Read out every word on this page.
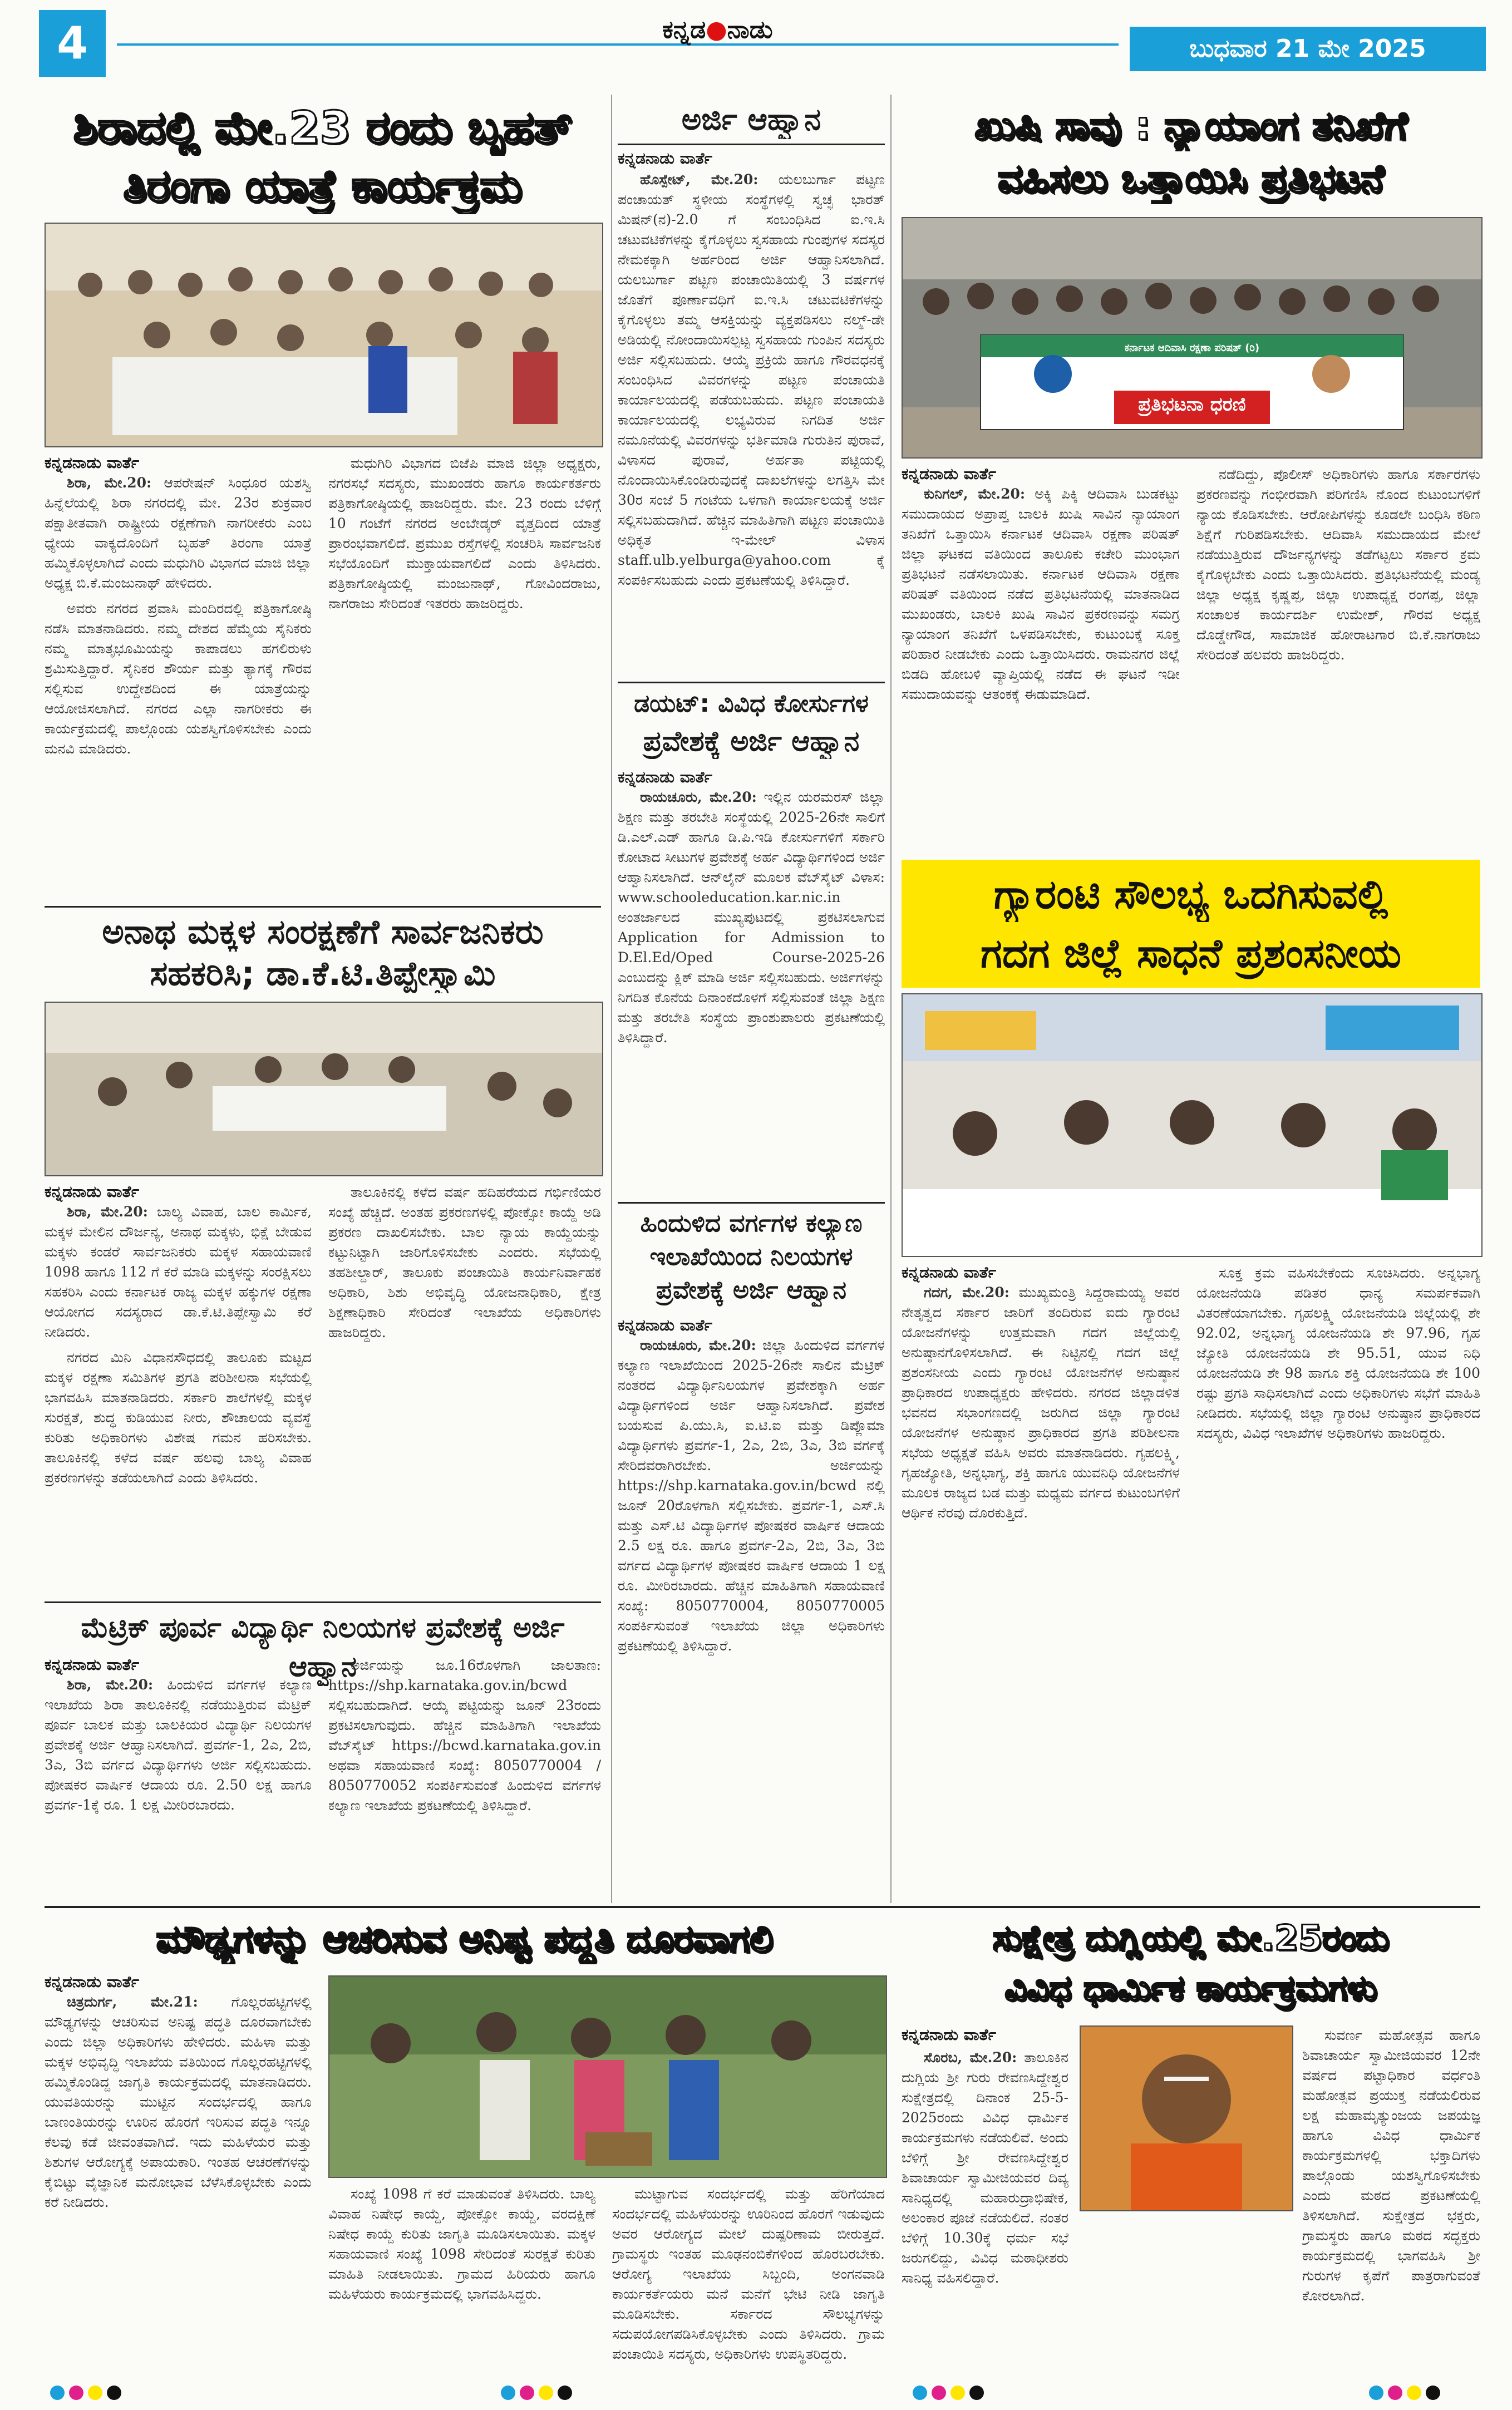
4	ಕನ್ನಡ●ನಾಡು
ಬುಧವಾರ 21 ಮೇ 2025
ಶಿರಾದಲ್ಲಿ ಮೇ.23 ರಂದು ಬೃಹತ್
ತಿರಂಗಾ ಯಾತ್ರೆ ಕಾರ್ಯಕ್ರಮ
ಕನ್ನಡನಾಡು ವಾರ್ತೆ

ಶಿರಾ, ಮೇ.20: ಆಪರೇಷನ್ ಸಿಂಧೂರ ಯಶಸ್ವಿ ಹಿನ್ನೆಲೆಯಲ್ಲಿ ಶಿರಾ ನಗರದಲ್ಲಿ ಮೇ. 23ರ ಶುಕ್ರವಾರ ಪಕ್ಷಾತೀತವಾಗಿ ರಾಷ್ಟ್ರೀಯ ರಕ್ಷಣೆಗಾಗಿ ನಾಗರೀಕರು ಎಂಬ ಧ್ಯೇಯ ವಾಕ್ಯದೊಂದಿಗೆ ಬೃಹತ್ ತಿರಂಗಾ ಯಾತ್ರೆ ಹಮ್ಮಿಕೊಳ್ಳಲಾಗಿದೆ ಎಂದು ಮಧುಗಿರಿ ವಿಭಾಗದ ಮಾಜಿ ಜಿಲ್ಲಾ ಅಧ್ಯಕ್ಷ ಬಿ.ಕೆ.ಮಂಜುನಾಥ್ ಹೇಳಿದರು.

ಅವರು ನಗರದ ಪ್ರವಾಸಿ ಮಂದಿರದಲ್ಲಿ ಪತ್ರಿಕಾಗೋಷ್ಠಿ ನಡೆಸಿ ಮಾತನಾಡಿದರು. ನಮ್ಮ ದೇಶದ ಹೆಮ್ಮೆಯ ಸೈನಿಕರು ನಮ್ಮ ಮಾತೃಭೂಮಿಯನ್ನು ಕಾಪಾಡಲು ಹಗಲಿರುಳು ಶ್ರಮಿಸುತ್ತಿದ್ದಾರೆ. ಸೈನಿಕರ ಶೌರ್ಯ ಮತ್ತು ತ್ಯಾಗಕ್ಕೆ ಗೌರವ ಸಲ್ಲಿಸುವ ಉದ್ದೇಶದಿಂದ ಈ ಯಾತ್ರೆಯನ್ನು ಆಯೋಜಿಸಲಾಗಿದೆ. ನಗರದ ಎಲ್ಲಾ ನಾಗರೀಕರು ಈ ಕಾರ್ಯಕ್ರಮದಲ್ಲಿ ಪಾಲ್ಗೊಂಡು ಯಶಸ್ವಿಗೊಳಿಸಬೇಕು ಎಂದು ಮನವಿ ಮಾಡಿದರು.

ಮಧುಗಿರಿ ವಿಭಾಗದ ಬಿಜೆಪಿ ಮಾಜಿ ಜಿಲ್ಲಾ ಅಧ್ಯಕ್ಷರು, ನಗರಸಭೆ ಸದಸ್ಯರು, ಮುಖಂಡರು ಹಾಗೂ ಕಾರ್ಯಕರ್ತರು ಪತ್ರಿಕಾಗೋಷ್ಠಿಯಲ್ಲಿ ಹಾಜರಿದ್ದರು. ಮೇ. 23 ರಂದು ಬೆಳಿಗ್ಗೆ 10 ಗಂಟೆಗೆ ನಗರದ ಅಂಬೇಡ್ಕರ್ ವೃತ್ತದಿಂದ ಯಾತ್ರೆ ಪ್ರಾರಂಭವಾಗಲಿದೆ. ಪ್ರಮುಖ ರಸ್ತೆಗಳಲ್ಲಿ ಸಂಚರಿಸಿ ಸಾರ್ವಜನಿಕ ಸಭೆಯೊಂದಿಗೆ ಮುಕ್ತಾಯವಾಗಲಿದೆ ಎಂದು ತಿಳಿಸಿದರು. ಪತ್ರಿಕಾಗೋಷ್ಠಿಯಲ್ಲಿ ಮಂಜುನಾಥ್, ಗೋವಿಂದರಾಜು, ನಾಗರಾಜು ಸೇರಿದಂತೆ ಇತರರು ಹಾಜರಿದ್ದರು.

ಅನಾಥ ಮಕ್ಕಳ ಸಂರಕ್ಷಣೆಗೆ ಸಾರ್ವಜನಿಕರು
ಸಹಕರಿಸಿ; ಡಾ.ಕೆ.ಟಿ.ತಿಪ್ಪೇಸ್ವಾಮಿ
ಕನ್ನಡನಾಡು ವಾರ್ತೆ

ಶಿರಾ, ಮೇ.20: ಬಾಲ್ಯ ವಿವಾಹ, ಬಾಲ ಕಾರ್ಮಿಕ, ಮಕ್ಕಳ ಮೇಲಿನ ದೌರ್ಜನ್ಯ, ಅನಾಥ ಮಕ್ಕಳು, ಭಿಕ್ಷೆ ಬೇಡುವ ಮಕ್ಕಳು ಕಂಡರೆ ಸಾರ್ವಜನಿಕರು ಮಕ್ಕಳ ಸಹಾಯವಾಣಿ 1098 ಹಾಗೂ 112 ಗೆ ಕರೆ ಮಾಡಿ ಮಕ್ಕಳನ್ನು ಸಂರಕ್ಷಿಸಲು ಸಹಕರಿಸಿ ಎಂದು ಕರ್ನಾಟಕ ರಾಜ್ಯ ಮಕ್ಕಳ ಹಕ್ಕುಗಳ ರಕ್ಷಣಾ ಆಯೋಗದ ಸದಸ್ಯರಾದ ಡಾ.ಕೆ.ಟಿ.ತಿಪ್ಪೇಸ್ವಾಮಿ ಕರೆ ನೀಡಿದರು.

ನಗರದ ಮಿನಿ ವಿಧಾನಸೌಧದಲ್ಲಿ ತಾಲೂಕು ಮಟ್ಟದ ಮಕ್ಕಳ ರಕ್ಷಣಾ ಸಮಿತಿಗಳ ಪ್ರಗತಿ ಪರಿಶೀಲನಾ ಸಭೆಯಲ್ಲಿ ಭಾಗವಹಿಸಿ ಮಾತನಾಡಿದರು. ಸರ್ಕಾರಿ ಶಾಲೆಗಳಲ್ಲಿ ಮಕ್ಕಳ ಸುರಕ್ಷತೆ, ಶುದ್ಧ ಕುಡಿಯುವ ನೀರು, ಶೌಚಾಲಯ ವ್ಯವಸ್ಥೆ ಕುರಿತು ಅಧಿಕಾರಿಗಳು ವಿಶೇಷ ಗಮನ ಹರಿಸಬೇಕು. ತಾಲೂಕಿನಲ್ಲಿ ಕಳೆದ ವರ್ಷ ಹಲವು ಬಾಲ್ಯ ವಿವಾಹ ಪ್ರಕರಣಗಳನ್ನು ತಡೆಯಲಾಗಿದೆ ಎಂದು ತಿಳಿಸಿದರು.

ತಾಲೂಕಿನಲ್ಲಿ ಕಳೆದ ವರ್ಷ ಹದಿಹರೆಯದ ಗರ್ಭಿಣಿಯರ ಸಂಖ್ಯೆ ಹೆಚ್ಚಿದೆ. ಅಂತಹ ಪ್ರಕರಣಗಳಲ್ಲಿ ಪೋಕ್ಸೋ ಕಾಯ್ದೆ ಅಡಿ ಪ್ರಕರಣ ದಾಖಲಿಸಬೇಕು. ಬಾಲ ನ್ಯಾಯ ಕಾಯ್ದೆಯನ್ನು ಕಟ್ಟುನಿಟ್ಟಾಗಿ ಜಾರಿಗೊಳಿಸಬೇಕು ಎಂದರು. ಸಭೆಯಲ್ಲಿ ತಹಶೀಲ್ದಾರ್, ತಾಲೂಕು ಪಂಚಾಯಿತಿ ಕಾರ್ಯನಿರ್ವಾಹಕ ಅಧಿಕಾರಿ, ಶಿಶು ಅಭಿವೃದ್ಧಿ ಯೋಜನಾಧಿಕಾರಿ, ಕ್ಷೇತ್ರ ಶಿಕ್ಷಣಾಧಿಕಾರಿ ಸೇರಿದಂತೆ ಇಲಾಖೆಯ ಅಧಿಕಾರಿಗಳು ಹಾಜರಿದ್ದರು.

ಮೆಟ್ರಿಕ್ ಪೂರ್ವ ವಿದ್ಯಾರ್ಥಿ ನಿಲಯಗಳ ಪ್ರವೇಶಕ್ಕೆ ಅರ್ಜಿ ಆಹ್ವಾನ
ಕನ್ನಡನಾಡು ವಾರ್ತೆ

ಶಿರಾ, ಮೇ.20: ಹಿಂದುಳಿದ ವರ್ಗಗಳ ಕಲ್ಯಾಣ ಇಲಾಖೆಯ ಶಿರಾ ತಾಲೂಕಿನಲ್ಲಿ ನಡೆಯುತ್ತಿರುವ ಮೆಟ್ರಿಕ್ ಪೂರ್ವ ಬಾಲಕ ಮತ್ತು ಬಾಲಕಿಯರ ವಿದ್ಯಾರ್ಥಿ ನಿಲಯಗಳ ಪ್ರವೇಶಕ್ಕೆ ಅರ್ಜಿ ಆಹ್ವಾನಿಸಲಾಗಿದೆ. ಪ್ರವರ್ಗ-1, 2ಎ, 2ಬಿ, 3ಎ, 3ಬಿ ವರ್ಗದ ವಿದ್ಯಾರ್ಥಿಗಳು ಅರ್ಜಿ ಸಲ್ಲಿಸಬಹುದು. ಪೋಷಕರ ವಾರ್ಷಿಕ ಆದಾಯ ರೂ. 2.50 ಲಕ್ಷ ಹಾಗೂ ಪ್ರವರ್ಗ-1ಕ್ಕೆ ರೂ. 1 ಲಕ್ಷ ಮೀರಿರಬಾರದು.

ಅರ್ಜಿಯನ್ನು ಜೂ.16ರೊಳಗಾಗಿ ಜಾಲತಾಣ: https://shp.karnataka.gov.in/bcwd ಸಲ್ಲಿಸಬಹುದಾಗಿದೆ. ಆಯ್ಕೆ ಪಟ್ಟಿಯನ್ನು ಜೂನ್ 23ರಂದು ಪ್ರಕಟಿಸಲಾಗುವುದು. ಹೆಚ್ಚಿನ ಮಾಹಿತಿಗಾಗಿ ಇಲಾಖೆಯ ವೆಬ್‌ಸೈಟ್ https://bcwd.karnataka.gov.in ಅಥವಾ ಸಹಾಯವಾಣಿ ಸಂಖ್ಯೆ: 8050770004 / 8050770052 ಸಂಪರ್ಕಿಸುವಂತೆ ಹಿಂದುಳಿದ ವರ್ಗಗಳ ಕಲ್ಯಾಣ ಇಲಾಖೆಯ ಪ್ರಕಟಣೆಯಲ್ಲಿ ತಿಳಿಸಿದ್ದಾರೆ.

ಅರ್ಜಿ ಆಹ್ವಾನ
ಕನ್ನಡನಾಡು ವಾರ್ತೆ

ಹೊಸ್ಪೇಟ್, ಮೇ.20: ಯಲಬುರ್ಗಾ ಪಟ್ಟಣ ಪಂಚಾಯತ್ ಸ್ಥಳೀಯ ಸಂಸ್ಥೆಗಳಲ್ಲಿ ಸ್ವಚ್ಛ ಭಾರತ್ ಮಿಷನ್(ನ)-2.0 ಗೆ ಸಂಬಂಧಿಸಿದ ಐ.ಇ.ಸಿ ಚಟುವಟಿಕೆಗಳನ್ನು ಕೈಗೊಳ್ಳಲು ಸ್ವಸಹಾಯ ಗುಂಪುಗಳ ಸದಸ್ಯರ ನೇಮಕಕ್ಕಾಗಿ ಅರ್ಹರಿಂದ ಅರ್ಜಿ ಆಹ್ವಾನಿಸಲಾಗಿದೆ. ಯಲಬುರ್ಗಾ ಪಟ್ಟಣ ಪಂಚಾಯಿತಿಯಲ್ಲಿ 3 ವರ್ಷಗಳ ಜೊತೆಗೆ ಪೂರ್ಣಾವಧಿಗೆ ಐ.ಇ.ಸಿ ಚಟುವಟಿಕೆಗಳನ್ನು ಕೈಗೊಳ್ಳಲು ತಮ್ಮ ಆಸಕ್ತಿಯನ್ನು ವ್ಯಕ್ತಪಡಿಸಲು ನಲ್ಮ್-ಡೇ ಅಡಿಯಲ್ಲಿ ನೋಂದಾಯಿಸಲ್ಪಟ್ಟ ಸ್ವಸಹಾಯ ಗುಂಪಿನ ಸದಸ್ಯರು ಅರ್ಜಿ ಸಲ್ಲಿಸಬಹುದು. ಆಯ್ಕೆ ಪ್ರಕ್ರಿಯೆ ಹಾಗೂ ಗೌರವಧನಕ್ಕೆ ಸಂಬಂಧಿಸಿದ ವಿವರಗಳನ್ನು ಪಟ್ಟಣ ಪಂಚಾಯತಿ ಕಾರ್ಯಾಲಯದಲ್ಲಿ ಪಡೆಯಬಹುದು. ಪಟ್ಟಣ ಪಂಚಾಯತಿ ಕಾರ್ಯಾಲಯದಲ್ಲಿ ಲಭ್ಯವಿರುವ ನಿಗದಿತ ಅರ್ಜಿ ನಮೂನೆಯಲ್ಲಿ ವಿವರಗಳನ್ನು ಭರ್ತಿಮಾಡಿ ಗುರುತಿನ ಪುರಾವೆ, ವಿಳಾಸದ ಪುರಾವೆ, ಅರ್ಹತಾ ಪಟ್ಟಿಯಲ್ಲಿ ನೊಂದಾಯಿಸಿಕೊಂಡಿರುವುದಕ್ಕೆ ದಾಖಲೆಗಳನ್ನು ಲಗತ್ತಿಸಿ ಮೇ 30ರ ಸಂಜೆ 5 ಗಂಟೆಯ ಒಳಗಾಗಿ ಕಾರ್ಯಾಲಯಕ್ಕೆ ಅರ್ಜಿ ಸಲ್ಲಿಸಬಹುದಾಗಿದೆ. ಹೆಚ್ಚಿನ ಮಾಹಿತಿಗಾಗಿ ಪಟ್ಟಣ ಪಂಚಾಯಿತಿ ಅಧಿಕೃತ ಇ-ಮೇಲ್ ವಿಳಾಸ staff.ulb.yelburga@yahoo.com ಕ್ಕೆ ಸಂಪರ್ಕಿಸಬಹುದು ಎಂದು ಪ್ರಕಟಣೆಯಲ್ಲಿ ತಿಳಿಸಿದ್ದಾರೆ.

ಡಯಟ್: ವಿವಿಧ ಕೋರ್ಸುಗಳ
ಪ್ರವೇಶಕ್ಕೆ ಅರ್ಜಿ ಆಹ್ವಾನ
ಕನ್ನಡನಾಡು ವಾರ್ತೆ

ರಾಯಚೂರು, ಮೇ.20: ಇಲ್ಲಿನ ಯರಮರಸ್ ಜಿಲ್ಲಾ ಶಿಕ್ಷಣ ಮತ್ತು ತರಬೇತಿ ಸಂಸ್ಥೆಯಲ್ಲಿ 2025-26ನೇ ಸಾಲಿಗೆ ಡಿ.ಎಲ್.ಎಡ್ ಹಾಗೂ ಡಿ.ಪಿ.ಇಡಿ ಕೋರ್ಸುಗಳಿಗೆ ಸರ್ಕಾರಿ ಕೋಟಾದ ಸೀಟುಗಳ ಪ್ರವೇಶಕ್ಕೆ ಅರ್ಹ ವಿದ್ಯಾರ್ಥಿಗಳಿಂದ ಅರ್ಜಿ ಆಹ್ವಾನಿಸಲಾಗಿದೆ. ಆನ್‌ಲೈನ್ ಮೂಲಕ ವೆಬ್‌ಸೈಟ್ ವಿಳಾಸ: www.schooleducation.kar.nic.in ಅಂತರ್ಜಾಲದ ಮುಖ್ಯಪುಟದಲ್ಲಿ ಪ್ರಕಟಿಸಲಾಗುವ Application for Admission to D.El.Ed/Oped Course-2025-26 ಎಂಬುದನ್ನು ಕ್ಲಿಕ್ ಮಾಡಿ ಅರ್ಜಿ ಸಲ್ಲಿಸಬಹುದು. ಅರ್ಜಿಗಳನ್ನು ನಿಗದಿತ ಕೊನೆಯ ದಿನಾಂಕದೊಳಗೆ ಸಲ್ಲಿಸುವಂತೆ ಜಿಲ್ಲಾ ಶಿಕ್ಷಣ ಮತ್ತು ತರಬೇತಿ ಸಂಸ್ಥೆಯ ಪ್ರಾಂಶುಪಾಲರು ಪ್ರಕಟಣೆಯಲ್ಲಿ ತಿಳಿಸಿದ್ದಾರೆ.

ಹಿಂದುಳಿದ ವರ್ಗಗಳ ಕಲ್ಯಾಣ
ಇಲಾಖೆಯಿಂದ ನಿಲಯಗಳ
ಪ್ರವೇಶಕ್ಕೆ ಅರ್ಜಿ ಆಹ್ವಾನ
ಕನ್ನಡನಾಡು ವಾರ್ತೆ

ರಾಯಚೂರು, ಮೇ.20: ಜಿಲ್ಲಾ ಹಿಂದುಳಿದ ವರ್ಗಗಳ ಕಲ್ಯಾಣ ಇಲಾಖೆಯಿಂದ 2025-26ನೇ ಸಾಲಿನ ಮೆಟ್ರಿಕ್ ನಂತರದ ವಿದ್ಯಾರ್ಥಿನಿಲಯಗಳ ಪ್ರವೇಶಕ್ಕಾಗಿ ಅರ್ಹ ವಿದ್ಯಾರ್ಥಿಗಳಿಂದ ಅರ್ಜಿ ಆಹ್ವಾನಿಸಲಾಗಿದೆ. ಪ್ರವೇಶ ಬಯಸುವ ಪಿ.ಯು.ಸಿ, ಐ.ಟಿ.ಐ ಮತ್ತು ಡಿಪ್ಲೊಮಾ ವಿದ್ಯಾರ್ಥಿಗಳು ಪ್ರವರ್ಗ-1, 2ಎ, 2ಬಿ, 3ಎ, 3ಬಿ ವರ್ಗಕ್ಕೆ ಸೇರಿದವರಾಗಿರಬೇಕು. ಅರ್ಜಿಯನ್ನು https://shp.karnataka.gov.in/bcwd ನಲ್ಲಿ ಜೂನ್ 20ರೊಳಗಾಗಿ ಸಲ್ಲಿಸಬೇಕು. ಪ್ರವರ್ಗ-1, ಎಸ್.ಸಿ ಮತ್ತು ಎಸ್.ಟಿ ವಿದ್ಯಾರ್ಥಿಗಳ ಪೋಷಕರ ವಾರ್ಷಿಕ ಆದಾಯ 2.5 ಲಕ್ಷ ರೂ. ಹಾಗೂ ಪ್ರವರ್ಗ-2ಎ, 2ಬಿ, 3ಎ, 3ಬಿ ವರ್ಗದ ವಿದ್ಯಾರ್ಥಿಗಳ ಪೋಷಕರ ವಾರ್ಷಿಕ ಆದಾಯ 1 ಲಕ್ಷ ರೂ. ಮೀರಿರಬಾರದು. ಹೆಚ್ಚಿನ ಮಾಹಿತಿಗಾಗಿ ಸಹಾಯವಾಣಿ ಸಂಖ್ಯೆ: 8050770004, 8050770005 ಸಂಪರ್ಕಿಸುವಂತೆ ಇಲಾಖೆಯ ಜಿಲ್ಲಾ ಅಧಿಕಾರಿಗಳು ಪ್ರಕಟಣೆಯಲ್ಲಿ ತಿಳಿಸಿದ್ದಾರೆ.

ಖುಷಿ ಸಾವು : ನ್ಯಾಯಾಂಗ ತನಿಖೆಗೆ
ವಹಿಸಲು ಒತ್ತಾಯಿಸಿ ಪ್ರತಿಭಟನೆ
ಕರ್ನಾಟಕ ಆದಿವಾಸಿ ರಕ್ಷಣಾ ಪರಿಷತ್ (ರಿ)
ಪ್ರತಿಭಟನಾ ಧರಣಿ
ಕನ್ನಡನಾಡು ವಾರ್ತೆ

ಕುನಿಗಲ್, ಮೇ.20: ಅಕ್ಕಿ ಪಿಕ್ಕಿ ಆದಿವಾಸಿ ಬುಡಕಟ್ಟು ಸಮುದಾಯದ ಅಪ್ರಾಪ್ತ ಬಾಲಕಿ ಖುಷಿ ಸಾವಿನ ನ್ಯಾಯಾಂಗ ತನಿಖೆಗೆ ಒತ್ತಾಯಿಸಿ ಕರ್ನಾಟಕ ಆದಿವಾಸಿ ರಕ್ಷಣಾ ಪರಿಷತ್ ಜಿಲ್ಲಾ ಘಟಕದ ವತಿಯಿಂದ ತಾಲೂಕು ಕಚೇರಿ ಮುಂಭಾಗ ಪ್ರತಿಭಟನೆ ನಡೆಸಲಾಯಿತು. ಕರ್ನಾಟಕ ಆದಿವಾಸಿ ರಕ್ಷಣಾ ಪರಿಷತ್ ವತಿಯಿಂದ ನಡೆದ ಪ್ರತಿಭಟನೆಯಲ್ಲಿ ಮಾತನಾಡಿದ ಮುಖಂಡರು, ಬಾಲಕಿ ಖುಷಿ ಸಾವಿನ ಪ್ರಕರಣವನ್ನು ಸಮಗ್ರ ನ್ಯಾಯಾಂಗ ತನಿಖೆಗೆ ಒಳಪಡಿಸಬೇಕು, ಕುಟುಂಬಕ್ಕೆ ಸೂಕ್ತ ಪರಿಹಾರ ನೀಡಬೇಕು ಎಂದು ಒತ್ತಾಯಿಸಿದರು. ರಾಮನಗರ ಜಿಲ್ಲೆ ಬಿಡದಿ ಹೋಬಳಿ ವ್ಯಾಪ್ತಿಯಲ್ಲಿ ನಡೆದ ಈ ಘಟನೆ ಇಡೀ ಸಮುದಾಯವನ್ನು ಆತಂಕಕ್ಕೆ ಈಡುಮಾಡಿದೆ.

ನಡೆದಿದ್ದು, ಪೊಲೀಸ್ ಅಧಿಕಾರಿಗಳು ಹಾಗೂ ಸರ್ಕಾರಗಳು ಪ್ರಕರಣವನ್ನು ಗಂಭೀರವಾಗಿ ಪರಿಗಣಿಸಿ ನೊಂದ ಕುಟುಂಬಗಳಿಗೆ ನ್ಯಾಯ ಕೊಡಿಸಬೇಕು. ಆರೋಪಿಗಳನ್ನು ಕೂಡಲೇ ಬಂಧಿಸಿ ಕಠಿಣ ಶಿಕ್ಷೆಗೆ ಗುರಿಪಡಿಸಬೇಕು. ಆದಿವಾಸಿ ಸಮುದಾಯದ ಮೇಲೆ ನಡೆಯುತ್ತಿರುವ ದೌರ್ಜನ್ಯಗಳನ್ನು ತಡೆಗಟ್ಟಲು ಸರ್ಕಾರ ಕ್ರಮ ಕೈಗೊಳ್ಳಬೇಕು ಎಂದು ಒತ್ತಾಯಿಸಿದರು. ಪ್ರತಿಭಟನೆಯಲ್ಲಿ ಮಂಡ್ಯ ಜಿಲ್ಲಾ ಅಧ್ಯಕ್ಷ ಕೃಷ್ಣಪ್ಪ, ಜಿಲ್ಲಾ ಉಪಾಧ್ಯಕ್ಷ ರಂಗಪ್ಪ, ಜಿಲ್ಲಾ ಸಂಚಾಲಕ ಕಾರ್ಯದರ್ಶಿ ಉಮೇಶ್, ಗೌರವ ಅಧ್ಯಕ್ಷ ದೊಡ್ಡೇಗೌಡ, ಸಾಮಾಜಿಕ ಹೋರಾಟಗಾರ ಬಿ.ಕೆ.ನಾಗರಾಜು ಸೇರಿದಂತೆ ಹಲವರು ಹಾಜರಿದ್ದರು.

ಗ್ಯಾರಂಟಿ ಸೌಲಭ್ಯ ಒದಗಿಸುವಲ್ಲಿ
ಗದಗ ಜಿಲ್ಲೆ ಸಾಧನೆ ಪ್ರಶಂಸನೀಯ
ಕನ್ನಡನಾಡು ವಾರ್ತೆ

ಗದಗ, ಮೇ.20: ಮುಖ್ಯಮಂತ್ರಿ ಸಿದ್ದರಾಮಯ್ಯ ಅವರ ನೇತೃತ್ವದ ಸರ್ಕಾರ ಜಾರಿಗೆ ತಂದಿರುವ ಐದು ಗ್ಯಾರಂಟಿ ಯೋಜನೆಗಳನ್ನು ಉತ್ತಮವಾಗಿ ಗದಗ ಜಿಲ್ಲೆಯಲ್ಲಿ ಅನುಷ್ಠಾನಗೊಳಿಸಲಾಗಿದೆ. ಈ ನಿಟ್ಟಿನಲ್ಲಿ ಗದಗ ಜಿಲ್ಲೆ ಪ್ರಶಂಸನೀಯ ಎಂದು ಗ್ಯಾರಂಟಿ ಯೋಜನೆಗಳ ಅನುಷ್ಠಾನ ಪ್ರಾಧಿಕಾರದ ಉಪಾಧ್ಯಕ್ಷರು ಹೇಳಿದರು. ನಗರದ ಜಿಲ್ಲಾಡಳಿತ ಭವನದ ಸಭಾಂಗಣದಲ್ಲಿ ಜರುಗಿದ ಜಿಲ್ಲಾ ಗ್ಯಾರಂಟಿ ಯೋಜನೆಗಳ ಅನುಷ್ಠಾನ ಪ್ರಾಧಿಕಾರದ ಪ್ರಗತಿ ಪರಿಶೀಲನಾ ಸಭೆಯ ಅಧ್ಯಕ್ಷತೆ ವಹಿಸಿ ಅವರು ಮಾತನಾಡಿದರು. ಗೃಹಲಕ್ಷ್ಮಿ, ಗೃಹಜ್ಯೋತಿ, ಅನ್ನಭಾಗ್ಯ, ಶಕ್ತಿ ಹಾಗೂ ಯುವನಿಧಿ ಯೋಜನೆಗಳ ಮೂಲಕ ರಾಜ್ಯದ ಬಡ ಮತ್ತು ಮಧ್ಯಮ ವರ್ಗದ ಕುಟುಂಬಗಳಿಗೆ ಆರ್ಥಿಕ ನೆರವು ದೊರಕುತ್ತಿದೆ.

ಸೂಕ್ತ ಕ್ರಮ ವಹಿಸಬೇಕೆಂದು ಸೂಚಿಸಿದರು. ಅನ್ನಭಾಗ್ಯ ಯೋಜನೆಯಡಿ ಪಡಿತರ ಧಾನ್ಯ ಸಮರ್ಪಕವಾಗಿ ವಿತರಣೆಯಾಗಬೇಕು. ಗೃಹಲಕ್ಷ್ಮಿ ಯೋಜನೆಯಡಿ ಜಿಲ್ಲೆಯಲ್ಲಿ ಶೇ 92.02, ಅನ್ನಭಾಗ್ಯ ಯೋಜನೆಯಡಿ ಶೇ 97.96, ಗೃಹ ಜ್ಯೋತಿ ಯೋಜನೆಯಡಿ ಶೇ 95.51, ಯುವ ನಿಧಿ ಯೋಜನೆಯಡಿ ಶೇ 98 ಹಾಗೂ ಶಕ್ತಿ ಯೋಜನೆಯಡಿ ಶೇ 100 ರಷ್ಟು ಪ್ರಗತಿ ಸಾಧಿಸಲಾಗಿದೆ ಎಂದು ಅಧಿಕಾರಿಗಳು ಸಭೆಗೆ ಮಾಹಿತಿ ನೀಡಿದರು. ಸಭೆಯಲ್ಲಿ ಜಿಲ್ಲಾ ಗ್ಯಾರಂಟಿ ಅನುಷ್ಠಾನ ಪ್ರಾಧಿಕಾರದ ಸದಸ್ಯರು, ವಿವಿಧ ಇಲಾಖೆಗಳ ಅಧಿಕಾರಿಗಳು ಹಾಜರಿದ್ದರು.

ಮೌಢ್ಯಗಳನ್ನು ಆಚರಿಸುವ ಅನಿಷ್ಟ ಪದ್ಧತಿ ದೂರವಾಗಲಿ
ಕನ್ನಡನಾಡು ವಾರ್ತೆ

ಚಿತ್ರದುರ್ಗ, ಮೇ.21: ಗೊಲ್ಲರಹಟ್ಟಿಗಳಲ್ಲಿ ಮೌಢ್ಯಗಳನ್ನು ಆಚರಿಸುವ ಅನಿಷ್ಟ ಪದ್ಧತಿ ದೂರವಾಗಬೇಕು ಎಂದು ಜಿಲ್ಲಾ ಅಧಿಕಾರಿಗಳು ಹೇಳಿದರು. ಮಹಿಳಾ ಮತ್ತು ಮಕ್ಕಳ ಅಭಿವೃದ್ಧಿ ಇಲಾಖೆಯ ವತಿಯಿಂದ ಗೊಲ್ಲರಹಟ್ಟಿಗಳಲ್ಲಿ ಹಮ್ಮಿಕೊಂಡಿದ್ದ ಜಾಗೃತಿ ಕಾರ್ಯಕ್ರಮದಲ್ಲಿ ಮಾತನಾಡಿದರು. ಯುವತಿಯರನ್ನು ಮುಟ್ಟಿನ ಸಂದರ್ಭದಲ್ಲಿ ಹಾಗೂ ಬಾಣಂತಿಯರನ್ನು ಊರಿನ ಹೊರಗೆ ಇರಿಸುವ ಪದ್ಧತಿ ಇನ್ನೂ ಕೆಲವು ಕಡೆ ಜೀವಂತವಾಗಿದೆ. ಇದು ಮಹಿಳೆಯರ ಮತ್ತು ಶಿಶುಗಳ ಆರೋಗ್ಯಕ್ಕೆ ಅಪಾಯಕಾರಿ. ಇಂತಹ ಆಚರಣೆಗಳನ್ನು ಕೈಬಿಟ್ಟು ವೈಜ್ಞಾನಿಕ ಮನೋಭಾವ ಬೆಳೆಸಿಕೊಳ್ಳಬೇಕು ಎಂದು ಕರೆ ನೀಡಿದರು.

ಸಂಖ್ಯೆ 1098 ಗೆ ಕರೆ ಮಾಡುವಂತೆ ತಿಳಿಸಿದರು. ಬಾಲ್ಯ ವಿವಾಹ ನಿಷೇಧ ಕಾಯ್ದೆ, ಪೋಕ್ಸೋ ಕಾಯ್ದೆ, ವರದಕ್ಷಿಣೆ ನಿಷೇಧ ಕಾಯ್ದೆ ಕುರಿತು ಜಾಗೃತಿ ಮೂಡಿಸಲಾಯಿತು. ಮಕ್ಕಳ ಸಹಾಯವಾಣಿ ಸಂಖ್ಯೆ 1098 ಸೇರಿದಂತೆ ಸುರಕ್ಷತೆ ಕುರಿತು ಮಾಹಿತಿ ನೀಡಲಾಯಿತು. ಗ್ರಾಮದ ಹಿರಿಯರು ಹಾಗೂ ಮಹಿಳೆಯರು ಕಾರ್ಯಕ್ರಮದಲ್ಲಿ ಭಾಗವಹಿಸಿದ್ದರು.

ಮುಟ್ಟಾಗುವ ಸಂದರ್ಭದಲ್ಲಿ ಮತ್ತು ಹೆರಿಗೆಯಾದ ಸಂದರ್ಭದಲ್ಲಿ ಮಹಿಳೆಯರನ್ನು ಊರಿನಿಂದ ಹೊರಗೆ ಇಡುವುದು ಅವರ ಆರೋಗ್ಯದ ಮೇಲೆ ದುಷ್ಪರಿಣಾಮ ಬೀರುತ್ತದೆ. ಗ್ರಾಮಸ್ಥರು ಇಂತಹ ಮೂಢನಂಬಿಕೆಗಳಿಂದ ಹೊರಬರಬೇಕು. ಆರೋಗ್ಯ ಇಲಾಖೆಯ ಸಿಬ್ಬಂದಿ, ಅಂಗನವಾಡಿ ಕಾರ್ಯಕರ್ತೆಯರು ಮನೆ ಮನೆಗೆ ಭೇಟಿ ನೀಡಿ ಜಾಗೃತಿ ಮೂಡಿಸಬೇಕು. ಸರ್ಕಾರದ ಸೌಲಭ್ಯಗಳನ್ನು ಸದುಪಯೋಗಪಡಿಸಿಕೊಳ್ಳಬೇಕು ಎಂದು ತಿಳಿಸಿದರು. ಗ್ರಾಮ ಪಂಚಾಯಿತಿ ಸದಸ್ಯರು, ಅಧಿಕಾರಿಗಳು ಉಪಸ್ಥಿತರಿದ್ದರು.

ಸುಕ್ಷೇತ್ರ ದುಗ್ಲಿಯಲ್ಲಿ ಮೇ.25ರಂದು
ವಿವಿಧ ಧಾರ್ಮಿಕ ಕಾರ್ಯಕ್ರಮಗಳು
ಕನ್ನಡನಾಡು ವಾರ್ತೆ

ಸೊರಬ, ಮೇ.20: ತಾಲೂಕಿನ ದುಗ್ಲಿಯ ಶ್ರೀ ಗುರು ರೇವಣಸಿದ್ದೇಶ್ವರ ಸುಕ್ಷೇತ್ರದಲ್ಲಿ ದಿನಾಂಕ 25-5-2025ರಂದು ವಿವಿಧ ಧಾರ್ಮಿಕ ಕಾರ್ಯಕ್ರಮಗಳು ನಡೆಯಲಿವೆ. ಅಂದು ಬೆಳಿಗ್ಗೆ ಶ್ರೀ ರೇವಣಸಿದ್ದೇಶ್ವರ ಶಿವಾಚಾರ್ಯ ಸ್ವಾಮೀಜಿಯವರ ದಿವ್ಯ ಸಾನಿಧ್ಯದಲ್ಲಿ ಮಹಾರುದ್ರಾಭಿಷೇಕ, ಅಲಂಕಾರ ಪೂಜೆ ನಡೆಯಲಿದೆ. ನಂತರ ಬೆಳಿಗ್ಗೆ 10.30ಕ್ಕೆ ಧರ್ಮ ಸಭೆ ಜರುಗಲಿದ್ದು, ವಿವಿಧ ಮಠಾಧೀಶರು ಸಾನಿಧ್ಯ ವಹಿಸಲಿದ್ದಾರೆ.

ಸುವರ್ಣ ಮಹೋತ್ಸವ ಹಾಗೂ ಶಿವಾಚಾರ್ಯ ಸ್ವಾಮೀಜಿಯವರ 12ನೇ ವರ್ಷದ ಪಟ್ಟಾಧಿಕಾರ ವರ್ಧಂತಿ ಮಹೋತ್ಸವ ಪ್ರಯುಕ್ತ ನಡೆಯಲಿರುವ ಲಕ್ಷ ಮಹಾಮೃತ್ಯುಂಜಯ ಜಪಯಜ್ಞ ಹಾಗೂ ವಿವಿಧ ಧಾರ್ಮಿಕ ಕಾರ್ಯಕ್ರಮಗಳಲ್ಲಿ ಭಕ್ತಾದಿಗಳು ಪಾಲ್ಗೊಂಡು ಯಶಸ್ವಿಗೊಳಿಸಬೇಕು ಎಂದು ಮಠದ ಪ್ರಕಟಣೆಯಲ್ಲಿ ತಿಳಿಸಲಾಗಿದೆ. ಸುಕ್ಷೇತ್ರದ ಭಕ್ತರು, ಗ್ರಾಮಸ್ಥರು ಹಾಗೂ ಮಠದ ಸದ್ಭಕ್ತರು ಕಾರ್ಯಕ್ರಮದಲ್ಲಿ ಭಾಗವಹಿಸಿ ಶ್ರೀ ಗುರುಗಳ ಕೃಪೆಗೆ ಪಾತ್ರರಾಗುವಂತೆ ಕೋರಲಾಗಿದೆ.
